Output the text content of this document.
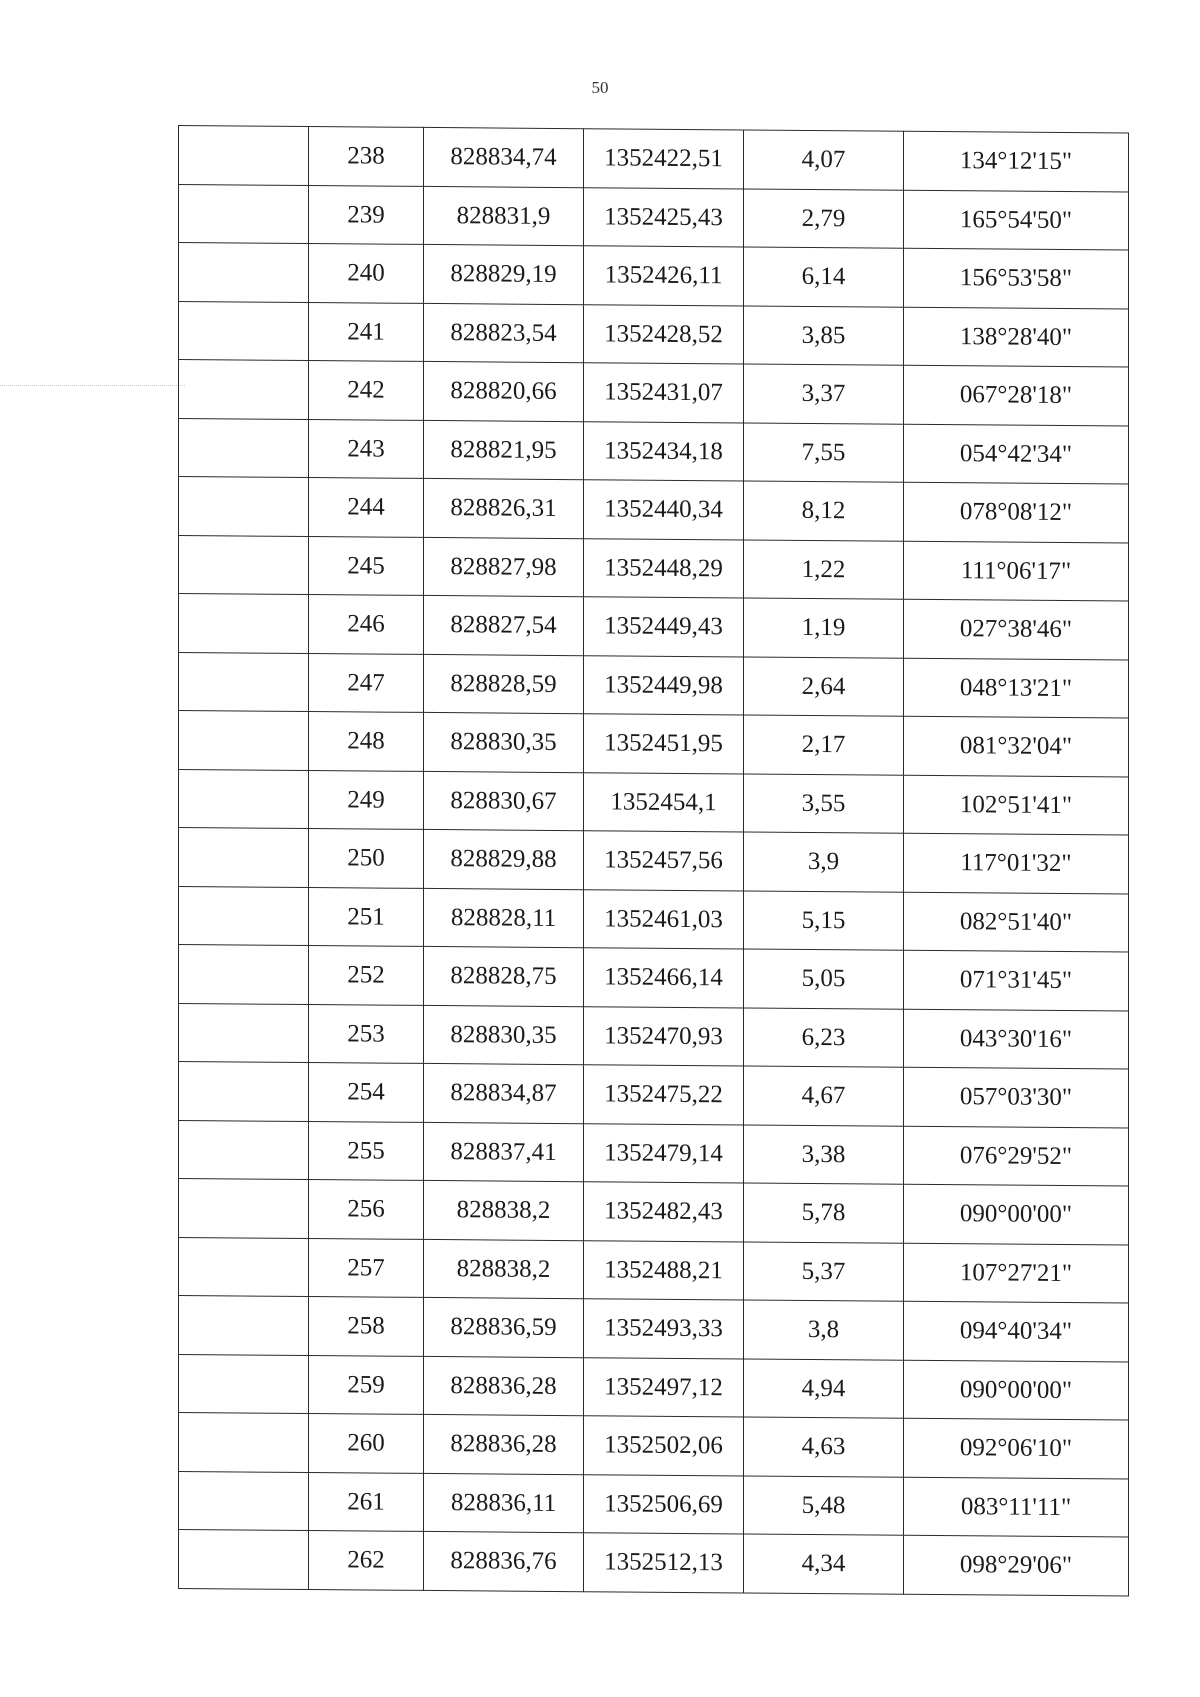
50
	238	828834,74	1352422,51	4,07	134°12'15"
	239	828831,9	1352425,43	2,79	165°54'50"
	240	828829,19	1352426,11	6,14	156°53'58"
	241	828823,54	1352428,52	3,85	138°28'40"
	242	828820,66	1352431,07	3,37	067°28'18"
	243	828821,95	1352434,18	7,55	054°42'34"
	244	828826,31	1352440,34	8,12	078°08'12"
	245	828827,98	1352448,29	1,22	111°06'17"
	246	828827,54	1352449,43	1,19	027°38'46"
	247	828828,59	1352449,98	2,64	048°13'21"
	248	828830,35	1352451,95	2,17	081°32'04"
	249	828830,67	1352454,1	3,55	102°51'41"
	250	828829,88	1352457,56	3,9	117°01'32"
	251	828828,11	1352461,03	5,15	082°51'40"
	252	828828,75	1352466,14	5,05	071°31'45"
	253	828830,35	1352470,93	6,23	043°30'16"
	254	828834,87	1352475,22	4,67	057°03'30"
	255	828837,41	1352479,14	3,38	076°29'52"
	256	828838,2	1352482,43	5,78	090°00'00"
	257	828838,2	1352488,21	5,37	107°27'21"
	258	828836,59	1352493,33	3,8	094°40'34"
	259	828836,28	1352497,12	4,94	090°00'00"
	260	828836,28	1352502,06	4,63	092°06'10"
	261	828836,11	1352506,69	5,48	083°11'11"
	262	828836,76	1352512,13	4,34	098°29'06"
